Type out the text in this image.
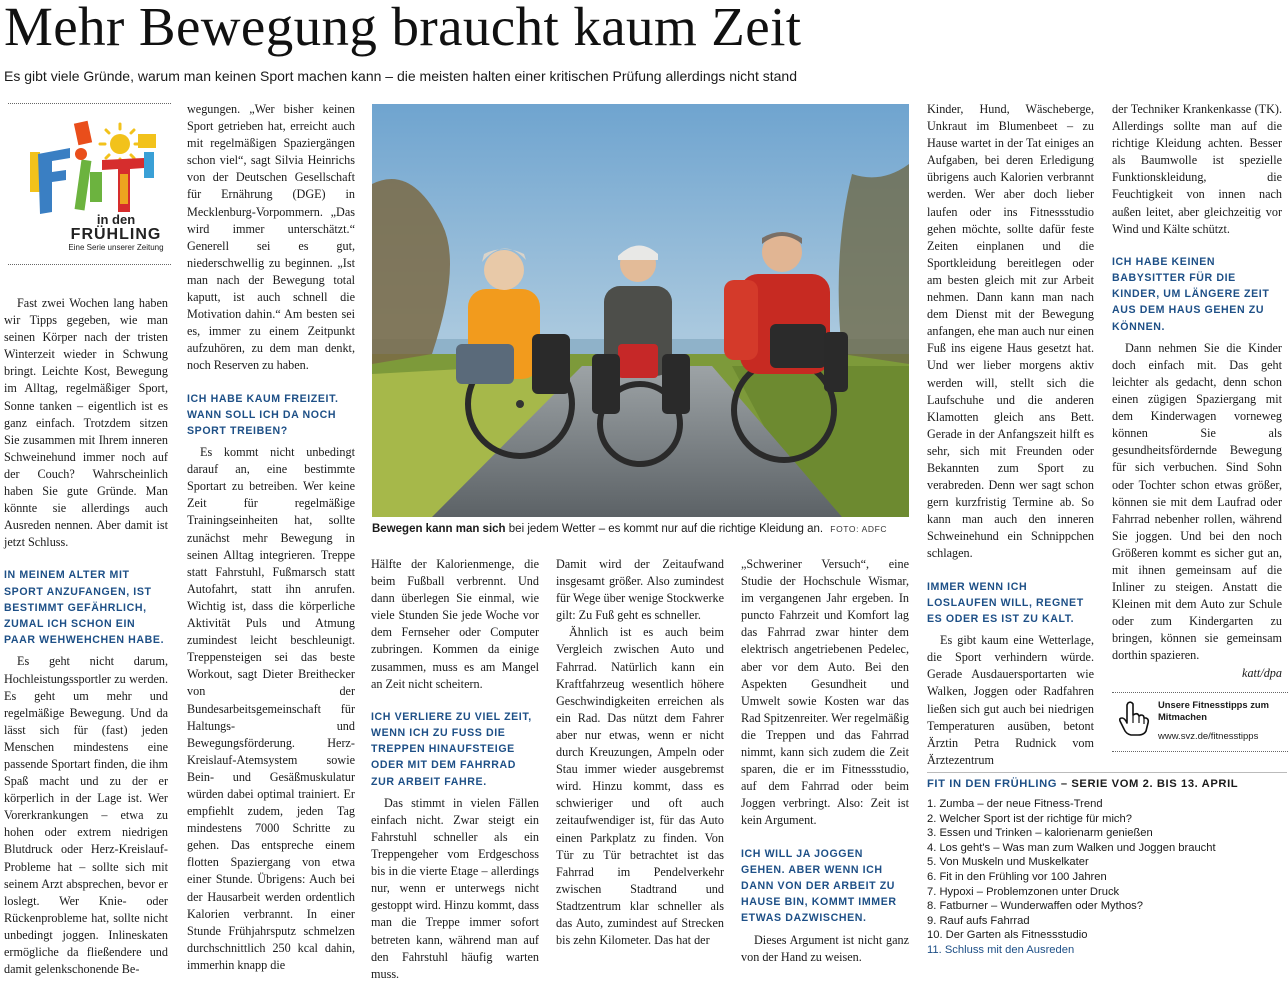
Mehr Bewegung braucht kaum Zeit
Es gibt viele Gründe, warum man keinen Sport machen kann – die meisten halten einer kritischen Prüfung allerdings nicht stand
in den
FRÜHLING
Eine Serie unserer Zeitung

Fast zwei Wochen lang haben wir Tipps gegeben, wie man seinen Körper nach der tristen Winterzeit wieder in Schwung bringt. Leichte Kost, Bewegung im Alltag, regelmäßiger Sport, Sonne tanken – eigentlich ist es ganz einfach. Trotzdem sitzen Sie zusammen mit Ihrem inneren Schweinehund immer noch auf der Couch? Wahrscheinlich haben Sie gute Gründe. Man könnte sie allerdings auch Ausreden nennen. Aber damit ist jetzt Schluss.

IN MEINEM ALTER MIT SPORT ANZUFANGEN, IST BESTIMMT GEFÄHRLICH, ZUMAL ICH SCHON EIN PAAR WEHWEHCHEN HABE.

Es geht nicht darum, Hochleistungssportler zu werden. Es geht um mehr und regelmäßige Bewegung. Und da lässt sich für (fast) jeden Menschen mindestens eine passende Sportart finden, die ihm Spaß macht und zu der er körperlich in der Lage ist. Wer Vorerkrankungen – etwa zu hohen oder extrem niedrigen Blutdruck oder Herz-Kreislauf-Probleme hat – sollte sich mit seinem Arzt absprechen, bevor er loslegt. Wer Knie- oder Rückenprobleme hat, sollte nicht unbedingt joggen. Inlineskaten ermögliche da fließendere und damit gelenkschonende Be-

wegungen. „Wer bisher keinen Sport getrieben hat, erreicht auch mit regelmäßigen Spaziergängen schon viel“, sagt Silvia Heinrichs von der Deutschen Gesellschaft für Ernährung (DGE) in Mecklenburg-Vorpommern. „Das wird immer unterschätzt.“ Generell sei es gut, niederschwellig zu beginnen. „Ist man nach der Bewegung total kaputt, ist auch schnell die Motivation dahin.“ Am besten sei es, immer zu einem Zeitpunkt aufzuhören, zu dem man denkt, noch Reserven zu haben.

ICH HABE KAUM FREIZEIT. WANN SOLL ICH DA NOCH SPORT TREIBEN?

Es kommt nicht unbedingt darauf an, eine bestimmte Sportart zu betreiben. Wer keine Zeit für regelmäßige Trainingseinheiten hat, sollte zunächst mehr Bewegung in seinen Alltag integrieren. Treppe statt Fahrstuhl, Fußmarsch statt Autofahrt, statt ihn anrufen. Wichtig ist, dass die körperliche Aktivität Puls und Atmung zumindest leicht beschleunigt. Treppensteigen sei das beste Workout, sagt Dieter Breithecker von der Bundesarbeitsgemeinschaft für Haltungs- und Bewegungsförderung. Herz-Kreislauf-Atemsystem sowie Bein- und Gesäßmuskulatur würden dabei optimal trainiert. Er empfiehlt zudem, jeden Tag mindestens 7000 Schritte zu gehen. Das entspreche einem flotten Spaziergang von etwa einer Stunde. Übrigens: Auch bei der Hausarbeit werden ordentlich Kalorien verbrannt. In einer Stunde Frühjahrsputz schmelzen durchschnittlich 250 kcal dahin, immerhin knapp die

Bewegen kann man sich bei jedem Wetter – es kommt nur auf die richtige Kleidung an. FOTO: ADFC

Hälfte der Kalorienmenge, die beim Fußball verbrennt. Und dann überlegen Sie einmal, wie viele Stunden Sie jede Woche vor dem Fernseher oder Computer zubringen. Kommen da einige zusammen, muss es am Mangel an Zeit nicht scheitern.

ICH VERLIERE ZU VIEL ZEIT, WENN ICH ZU FUSS DIE TREPPEN HINAUFSTEIGE ODER MIT DEM FAHRRAD ZUR ARBEIT FAHRE.

Das stimmt in vielen Fällen einfach nicht. Zwar steigt ein Fahrstuhl schneller als ein Treppengeher vom Erdgeschoss bis in die vierte Etage – allerdings nur, wenn er unterwegs nicht gestoppt wird. Hinzu kommt, dass man die Treppe immer sofort betreten kann, während man auf den Fahrstuhl häufig warten muss.

Damit wird der Zeitaufwand insgesamt größer. Also zumindest für Wege über wenige Stockwerke gilt: Zu Fuß geht es schneller.

Ähnlich ist es auch beim Vergleich zwischen Auto und Fahrrad. Natürlich kann ein Kraftfahrzeug wesentlich höhere Geschwindigkeiten erreichen als ein Rad. Das nützt dem Fahrer aber nur etwas, wenn er nicht durch Kreuzungen, Ampeln oder Stau immer wieder ausgebremst wird. Hinzu kommt, dass es schwieriger und oft auch zeitaufwendiger ist, für das Auto einen Parkplatz zu finden. Von Tür zu Tür betrachtet ist das Fahrrad im Pendelverkehr zwischen Stadtrand und Stadtzentrum klar schneller als das Auto, zumindest auf Strecken bis zehn Kilometer. Das hat der

„Schweriner Versuch“, eine Studie der Hochschule Wismar, im vergangenen Jahr ergeben. In puncto Fahrzeit und Komfort lag das Fahrrad zwar hinter dem elektrisch angetriebenen Pedelec, aber vor dem Auto. Bei den Aspekten Gesundheit und Umwelt sowie Kosten war das Rad Spitzenreiter. Wer regelmäßig die Treppen und das Fahrrad nimmt, kann sich zudem die Zeit sparen, die er im Fitnessstudio, auf dem Fahrrad oder beim Joggen verbringt. Also: Zeit ist kein Argument.

ICH WILL JA JOGGEN GEHEN. ABER WENN ICH DANN VON DER ARBEIT ZU HAUSE BIN, KOMMT IMMER ETWAS DAZWISCHEN.

Dieses Argument ist nicht ganz von der Hand zu weisen.

Kinder, Hund, Wäscheberge, Unkraut im Blumenbeet – zu Hause wartet in der Tat einiges an Aufgaben, bei deren Erledigung übrigens auch Kalorien verbrannt werden. Wer aber doch lieber laufen oder ins Fitnessstudio gehen möchte, sollte dafür feste Zeiten einplanen und die Sportkleidung bereitlegen oder am besten gleich mit zur Arbeit nehmen. Dann kann man nach dem Dienst mit der Bewegung anfangen, ehe man auch nur einen Fuß ins eigene Haus gesetzt hat. Und wer lieber morgens aktiv werden will, stellt sich die Laufschuhe und die anderen Klamotten gleich ans Bett. Gerade in der Anfangszeit hilft es sehr, sich mit Freunden oder Bekannten zum Sport zu verabreden. Denn wer sagt schon gern kurzfristig Termine ab. So kann man auch den inneren Schweinehund ein Schnippchen schlagen.

IMMER WENN ICH LOSLAUFEN WILL, REGNET ES ODER ES IST ZU KALT.

Es gibt kaum eine Wetterlage, die Sport verhindern würde. Gerade Ausdauersportarten wie Walken, Joggen oder Radfahren ließen sich gut auch bei niedrigen Temperaturen ausüben, betont Ärztin Petra Rudnick vom Ärztezentrum

der Techniker Krankenkasse (TK). Allerdings sollte man auf die richtige Kleidung achten. Besser als Baumwolle ist spezielle Funktionskleidung, die Feuchtigkeit von innen nach außen leitet, aber gleichzeitig vor Wind und Kälte schützt.

ICH HABE KEINEN BABYSITTER FÜR DIE KINDER, UM LÄNGERE ZEIT AUS DEM HAUS GEHEN ZU KÖNNEN.

Dann nehmen Sie die Kinder doch einfach mit. Das geht leichter als gedacht, denn schon einen zügigen Spaziergang mit dem Kinderwagen vorneweg können Sie als gesundheitsfördernde Bewegung für sich verbuchen. Sind Sohn oder Tochter schon etwas größer, können sie mit dem Laufrad oder Fahrrad nebenher rollen, während Sie joggen. Und bei den noch Größeren kommt es sicher gut an, mit ihnen gemeinsam auf die Inliner zu steigen. Anstatt die Kleinen mit dem Auto zur Schule oder zum Kindergarten zu bringen, können sie gemeinsam dorthin spazieren.

katt/dpa

Unsere Fitnesstipps zum Mitmachen
www.svz.de/fitnesstipps
FIT IN DEN FRÜHLING – SERIE VOM 2. BIS 13. APRIL
1. Zumba – der neue Fitness-Trend
2. Welcher Sport ist der richtige für mich?
3. Essen und Trinken – kalorienarm genießen
4. Los geht's – Was man zum Walken und Joggen braucht
5. Von Muskeln und Muskelkater
6. Fit in den Frühling vor 100 Jahren
7. Hypoxi – Problemzonen unter Druck
8. Fatburner – Wunderwaffen oder Mythos?
9. Rauf aufs Fahrrad
10. Der Garten als Fitnessstudio
11. Schluss mit den Ausreden
